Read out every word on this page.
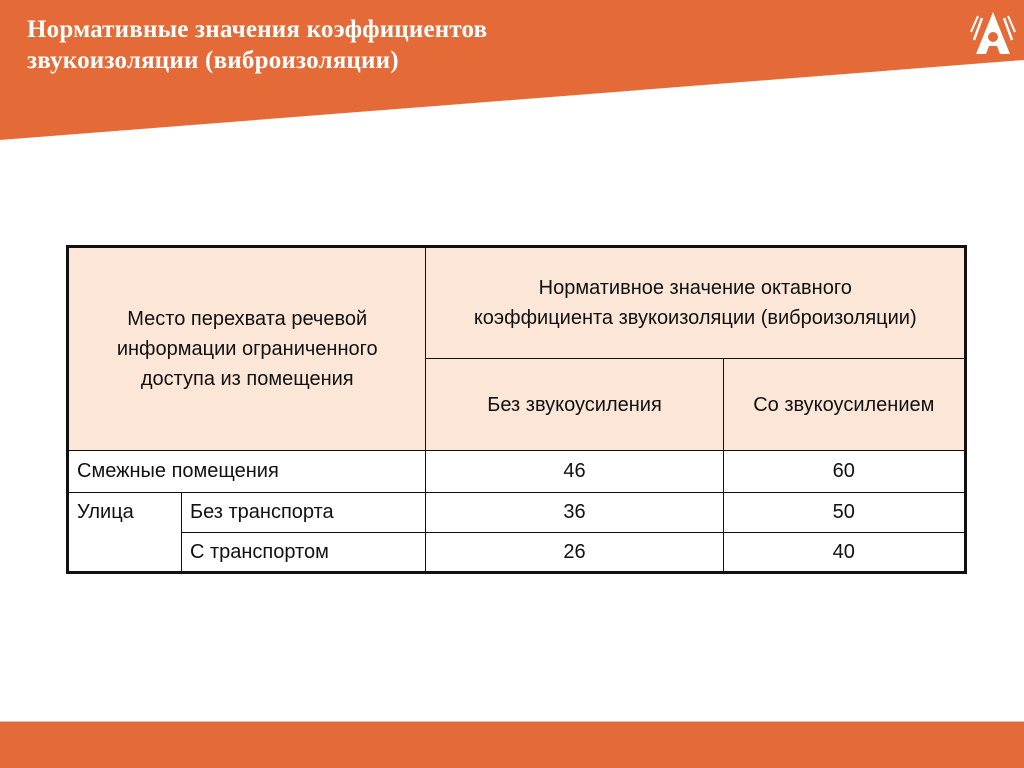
Нормативные значения коэффициентов
звукоизоляции (виброизоляции)
Место перехвата речевой информации ограниченного доступа из помещения		Нормативное значение октавного коэффициента звукоизоляции (виброизоляции)	
		Без звукоусиления	Со звукоусилением
Смежные помещения		46	60
Улица	Без транспорта	36	50
	С транспортом	26	40
